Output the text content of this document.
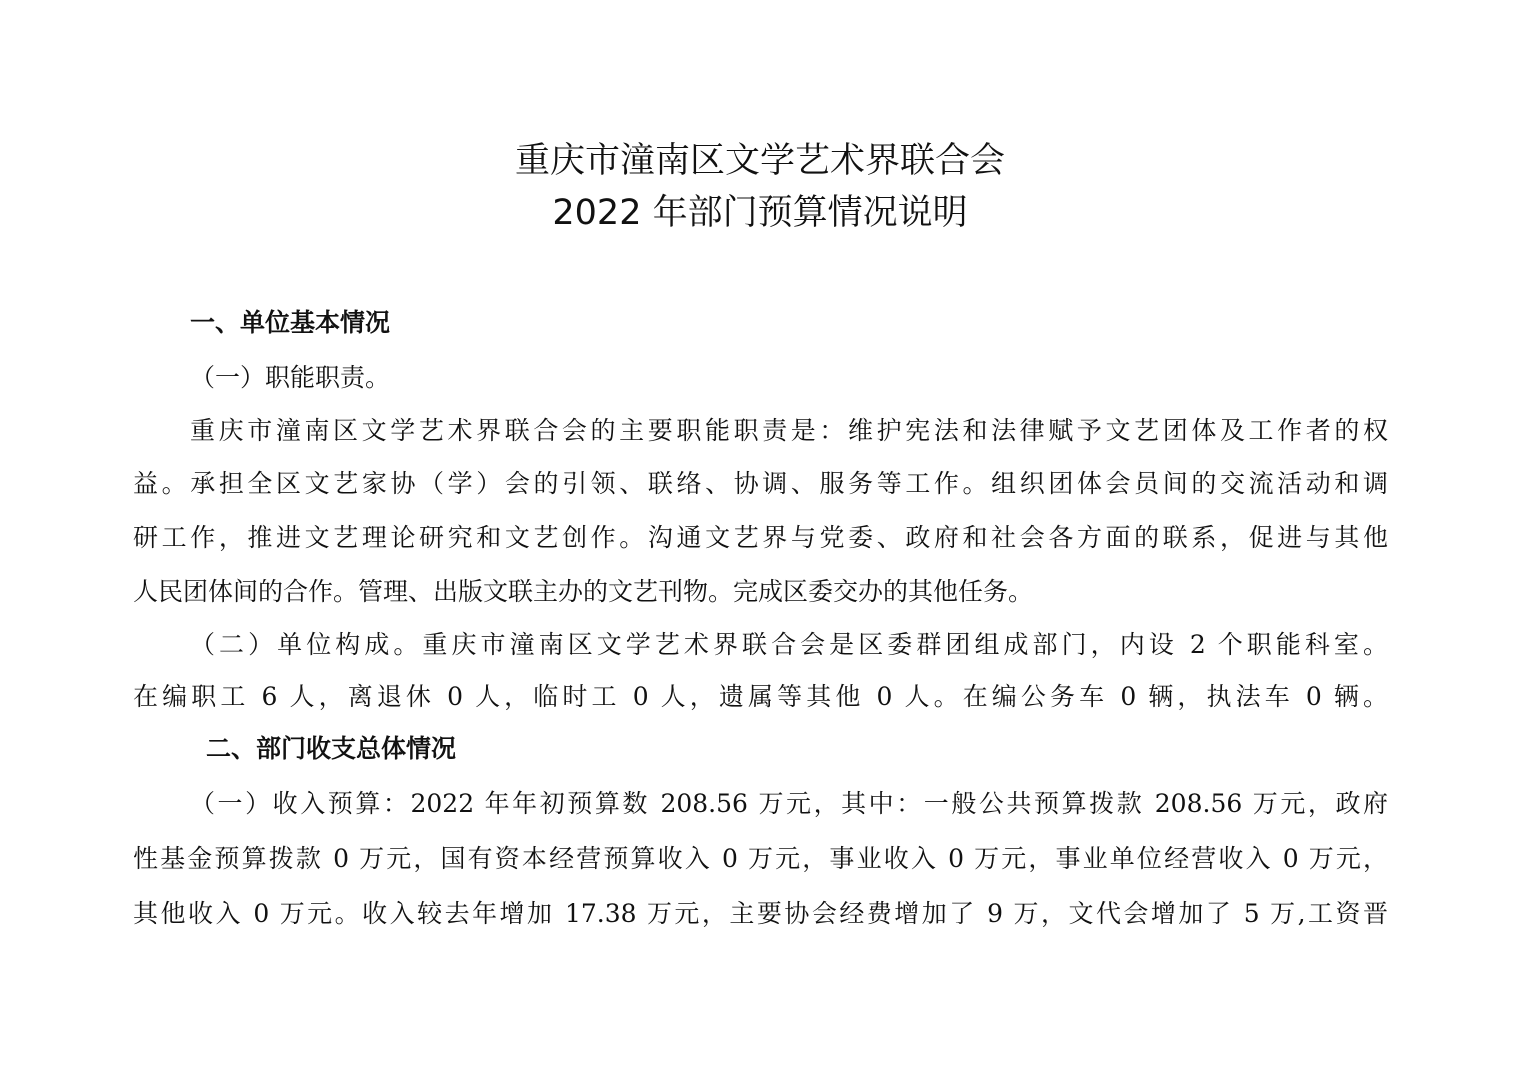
重庆市潼南区文学艺术界联合会
2022 年部门预算情况说明
一、单位基本情况
（一）职能职责。
重庆市潼南区文学艺术界联合会的主要职能职责是：维护宪法和法律赋予文艺团体及工作者的权
益。承担全区文艺家协（学）会的引领、联络、协调、服务等工作。组织团体会员间的交流活动和调
研工作，推进文艺理论研究和文艺创作。沟通文艺界与党委、政府和社会各方面的联系，促进与其他
人民团体间的合作。管理、出版文联主办的文艺刊物。完成区委交办的其他任务。
（二）单位构成。重庆市潼南区文学艺术界联合会是区委群团组成部门，内设 2 个职能科室。
在编职工 6 人，离退休 0 人，临时工 0 人，遗属等其他 0 人。在编公务车 0 辆，执法车 0 辆。
二、部门收支总体情况
（一）收入预算：2022 年年初预算数 208.56 万元，其中：一般公共预算拨款 208.56 万元，政府
性基金预算拨款 0 万元，国有资本经营预算收入 0 万元，事业收入 0 万元，事业单位经营收入 0 万元，
其他收入 0 万元。收入较去年增加 17.38 万元，主要协会经费增加了 9 万，文代会增加了 5 万,工资晋
